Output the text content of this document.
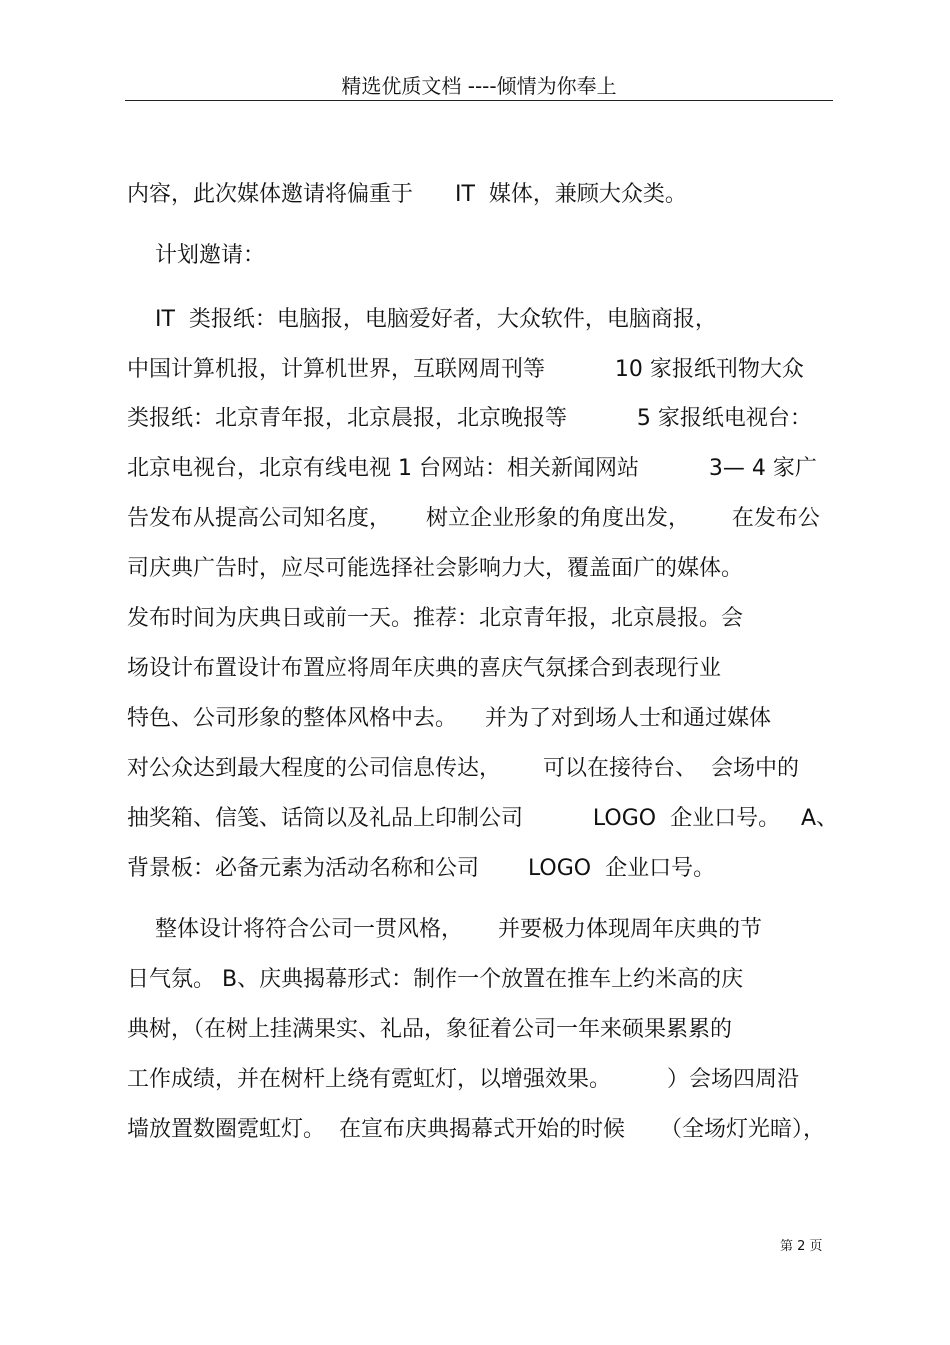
精选优质文档 ----倾情为你奉上
内容，此次媒体邀请将偏重于      IT  媒体，兼顾大众类。
计划邀请：
IT  类报纸：电脑报，电脑爱好者，大众软件，电脑商报，
中国计算机报，计算机世界，互联网周刊等          10 家报纸刊物大众
类报纸：北京青年报，北京晨报，北京晚报等          5 家报纸电视台：
北京电视台，北京有线电视 1 台网站：相关新闻网站          3— 4 家广
告发布从提高公司知名度，     树立企业形象的角度出发，      在发布公
司庆典广告时，应尽可能选择社会影响力大，覆盖面广的媒体。
发布时间为庆典日或前一天。推荐：北京青年报，北京晨报。会
场设计布置设计布置应将周年庆典的喜庆气氛揉合到表现行业
特色、公司形象的整体风格中去。    并为了对到场人士和通过媒体
对公众达到最大程度的公司信息传达，      可以在接待台、  会场中的
抽奖箱、信笺、话筒以及礼品上印制公司          LOGO  企业口号。   A、
背景板：必备元素为活动名称和公司       LOGO  企业口号。
整体设计将符合公司一贯风格，     并要极力体现周年庆典的节
日气氛。 B、庆典揭幕形式：制作一个放置在推车上约米高的庆
典树，（在树上挂满果实、礼品，象征着公司一年来硕果累累的
工作成绩，并在树杆上绕有霓虹灯，以增强效果。        ）会场四周沿
墙放置数圈霓虹灯。  在宣布庆典揭幕式开始的时候     （全场灯光暗），
第 2 页
